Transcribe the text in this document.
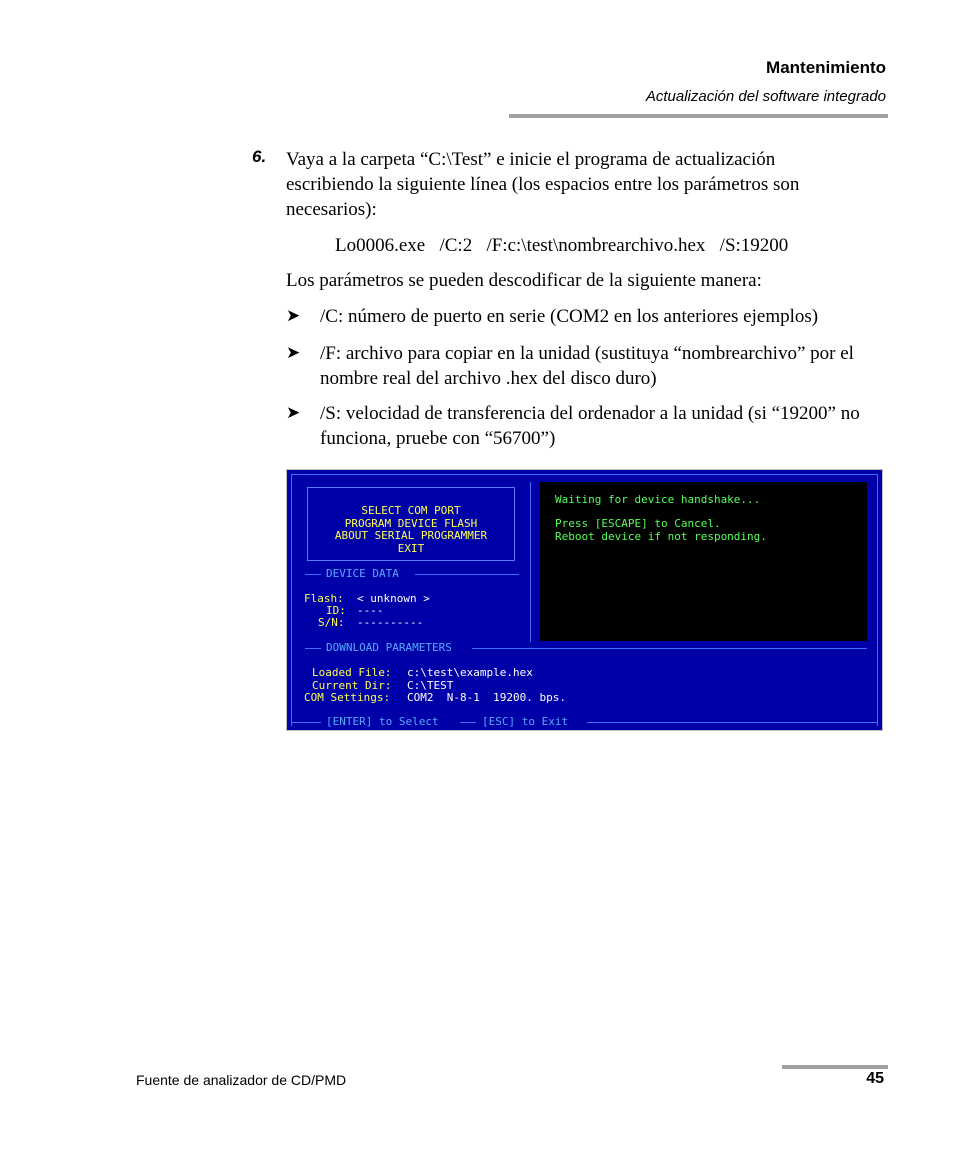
Mantenimiento
Actualización del software integrado
6. Vaya a la carpeta “C:\Test” e inicie el programa de actualización escribiendo la siguiente línea (los espacios entre los parámetros son necesarios):
Lo0006.exe   /C:2   /F:c:\test\nombrearchivo.hex   /S:19200
Los parámetros se pueden descodificar de la siguiente manera:
➤ /C: número de puerto en serie (COM2 en los anteriores ejemplos)
➤ /F: archivo para copiar en la unidad (sustituya “nombrearchivo” por el nombre real del archivo .hex del disco duro)
➤ /S: velocidad de transferencia del ordenador a la unidad (si “19200” no funciona, pruebe con “56700”)
SELECT COM PORT
PROGRAM DEVICE FLASH
ABOUT SERIAL PROGRAMMER
EXIT
DEVICE DATA
Flash: < unknown >
ID: ----
S/N: ----------
Waiting for device handshake...
Press [ESCAPE] to Cancel.
Reboot device if not responding.
DOWNLOAD PARAMETERS
Loaded File: c:\test\example.hex
Current Dir: C:\TEST
COM Settings: COM2  N-8-1  19200. bps.
[ENTER] to Select	[ESC] to Exit
Fuente de analizador de CD/PMD	45
